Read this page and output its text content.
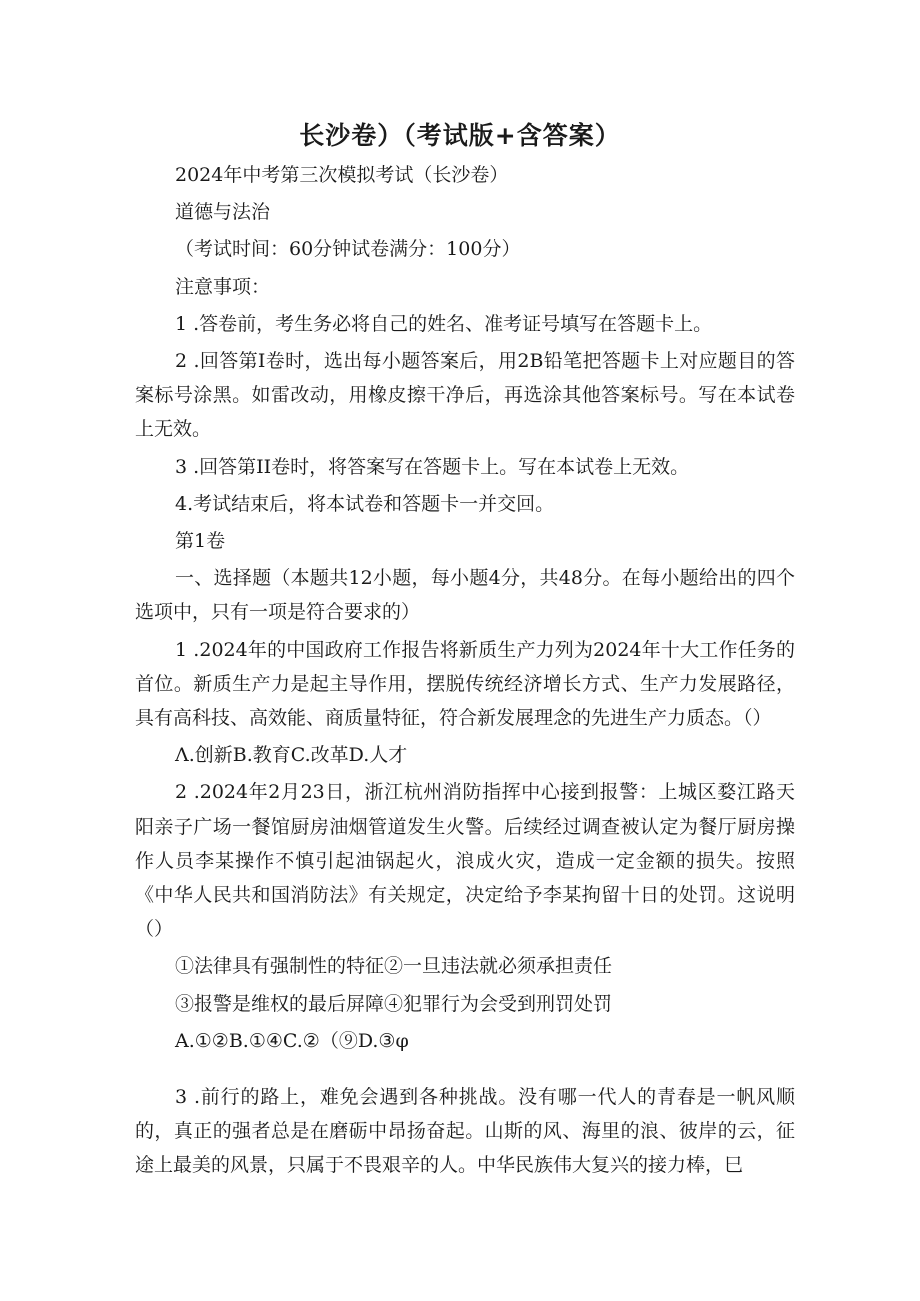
长沙卷）（考试版+含答案）

2024年中考第三次模拟考试（长沙卷）

道德与法治

（考试时间：60分钟试卷满分：100分）

注意事项：

1 .答卷前，考生务必将自己的姓名、准考证号填写在答题卡上。

2 .回答第I卷时，选出每小题答案后，用2B铅笔把答题卡上对应题目的答案标号涂黑。如雷改动，用橡皮擦干净后，再选涂其他答案标号。写在本试卷上无效。

3 .回答第II卷时，将答案写在答题卡上。写在本试卷上无效。

4.考试结束后，将本试卷和答题卡一并交回。

第1卷

一、选择题（本题共12小题，每小题4分，共48分。在每小题给出的四个选项中，只有一项是符合要求的）

1 .2024年的中国政府工作报告将新质生产力列为2024年十大工作任务的首位。新质生产力是起主导作用，摆脱传统经济增长方式、生产力发展路径，具有高科技、高效能、商质量特征，符合新发展理念的先进生产力质态。（）

Λ.创新B.教育C.改革D.人才

2 .2024年2月23日，浙江杭州消防指挥中心接到报警：上城区婺江路天阳亲子广场一餐馆厨房油烟管道发生火警。后续经过调查被认定为餐厅厨房操作人员李某操作不慎引起油锅起火，浪成火灾，造成一定金额的损失。按照《中华人民共和国消防法》有关规定，决定给予李某拘留十日的处罚。这说明（）

①法律具有强制性的特征②一旦违法就必须承担责任

③报警是维权的最后屏障④犯罪行为会受到刑罚处罚

A.①②B.①④C.②（⑨D.③φ

3 .前行的路上，难免会遇到各种挑战。没有哪一代人的青春是一帆风顺的，真正的强者总是在磨砺中昂扬奋起。山斯的风、海里的浪、彼岸的云，征途上最美的风景，只属于不畏艰辛的人。中华民族伟大复兴的接力棒，巳
